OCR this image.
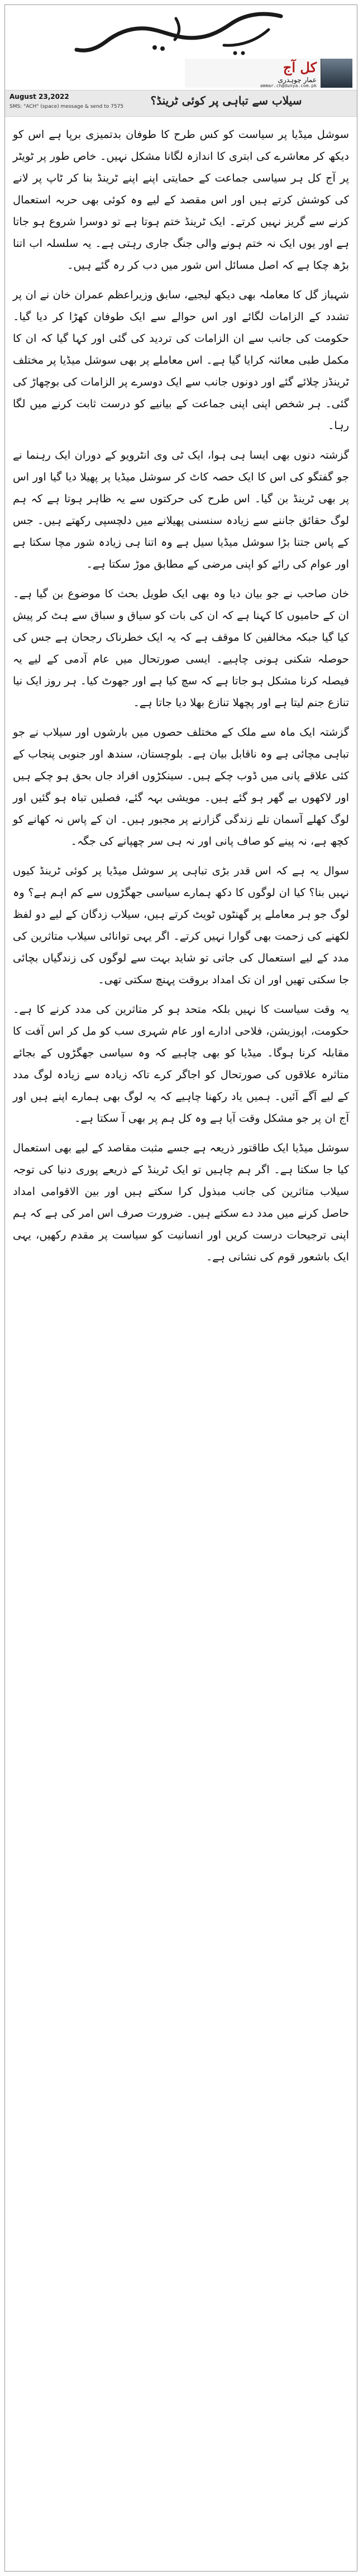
کل آج
عمار چوہدری
ammar.ch@dunya.com.pk
August 23,2022
SMS: "ACH" (space) message & send to 7575	سیلاب سے تباہی پر کوئی ٹرینڈ؟

سوشل میڈیا پر سیاست کو کس طرح کا طوفان بدتمیزی برپا ہے اس کو دیکھ کر معاشرے کی ابتری کا اندازہ لگانا مشکل نہیں۔ خاص طور پر ٹویٹر پر آج کل ہر سیاسی جماعت کے حمایتی اپنے اپنے ٹرینڈ بنا کر ٹاپ پر لانے کی کوشش کرتے ہیں اور اس مقصد کے لیے وہ کوئی بھی حربہ استعمال کرنے سے گریز نہیں کرتے۔ ایک ٹرینڈ ختم ہوتا ہے تو دوسرا شروع ہو جاتا ہے اور یوں ایک نہ ختم ہونے والی جنگ جاری رہتی ہے۔ یہ سلسلہ اب اتنا بڑھ چکا ہے کہ اصل مسائل اس شور میں دب کر رہ گئے ہیں۔

شہباز گل کا معاملہ بھی دیکھ لیجیے، سابق وزیراعظم عمران خان نے ان پر تشدد کے الزامات لگائے اور اس حوالے سے ایک طوفان کھڑا کر دیا گیا۔ حکومت کی جانب سے ان الزامات کی تردید کی گئی اور کہا گیا کہ ان کا مکمل طبی معائنہ کرایا گیا ہے۔ اس معاملے پر بھی سوشل میڈیا پر مختلف ٹرینڈز چلائے گئے اور دونوں جانب سے ایک دوسرے پر الزامات کی بوچھاڑ کی گئی۔ ہر شخص اپنی اپنی جماعت کے بیانیے کو درست ثابت کرنے میں لگا رہا۔

گزشتہ دنوں بھی ایسا ہی ہوا، ایک ٹی وی انٹرویو کے دوران ایک رہنما نے جو گفتگو کی اس کا ایک حصہ کاٹ کر سوشل میڈیا پر پھیلا دیا گیا اور اس پر بھی ٹرینڈ بن گیا۔ اس طرح کی حرکتوں سے یہ ظاہر ہوتا ہے کہ ہم لوگ حقائق جاننے سے زیادہ سنسنی پھیلانے میں دلچسپی رکھتے ہیں۔ جس کے پاس جتنا بڑا سوشل میڈیا سیل ہے وہ اتنا ہی زیادہ شور مچا سکتا ہے اور عوام کی رائے کو اپنی مرضی کے مطابق موڑ سکتا ہے۔

خان صاحب نے جو بیان دیا وہ بھی ایک طویل بحث کا موضوع بن گیا ہے۔ ان کے حامیوں کا کہنا ہے کہ ان کی بات کو سیاق و سباق سے ہٹ کر پیش کیا گیا جبکہ مخالفین کا موقف ہے کہ یہ ایک خطرناک رجحان ہے جس کی حوصلہ شکنی ہونی چاہیے۔ ایسی صورتحال میں عام آدمی کے لیے یہ فیصلہ کرنا مشکل ہو جاتا ہے کہ سچ کیا ہے اور جھوٹ کیا۔ ہر روز ایک نیا تنازع جنم لیتا ہے اور پچھلا تنازع بھلا دیا جاتا ہے۔

گزشتہ ایک ماہ سے ملک کے مختلف حصوں میں بارشوں اور سیلاب نے جو تباہی مچائی ہے وہ ناقابل بیان ہے۔ بلوچستان، سندھ اور جنوبی پنجاب کے کئی علاقے پانی میں ڈوب چکے ہیں۔ سینکڑوں افراد جاں بحق ہو چکے ہیں اور لاکھوں بے گھر ہو گئے ہیں۔ مویشی بہہ گئے، فصلیں تباہ ہو گئیں اور لوگ کھلے آسمان تلے زندگی گزارنے پر مجبور ہیں۔ ان کے پاس نہ کھانے کو کچھ ہے، نہ پینے کو صاف پانی اور نہ ہی سر چھپانے کی جگہ۔

سوال یہ ہے کہ اس قدر بڑی تباہی پر سوشل میڈیا پر کوئی ٹرینڈ کیوں نہیں بنا؟ کیا ان لوگوں کا دکھ ہمارے سیاسی جھگڑوں سے کم اہم ہے؟ وہ لوگ جو ہر معاملے پر گھنٹوں ٹویٹ کرتے ہیں، سیلاب زدگان کے لیے دو لفظ لکھنے کی زحمت بھی گوارا نہیں کرتے۔ اگر یہی توانائی سیلاب متاثرین کی مدد کے لیے استعمال کی جاتی تو شاید بہت سے لوگوں کی زندگیاں بچائی جا سکتی تھیں اور ان تک امداد بروقت پہنچ سکتی تھی۔

یہ وقت سیاست کا نہیں بلکہ متحد ہو کر متاثرین کی مدد کرنے کا ہے۔ حکومت، اپوزیشن، فلاحی ادارے اور عام شہری سب کو مل کر اس آفت کا مقابلہ کرنا ہوگا۔ میڈیا کو بھی چاہیے کہ وہ سیاسی جھگڑوں کے بجائے متاثرہ علاقوں کی صورتحال کو اجاگر کرے تاکہ زیادہ سے زیادہ لوگ مدد کے لیے آگے آئیں۔ ہمیں یاد رکھنا چاہیے کہ یہ لوگ بھی ہمارے اپنے ہیں اور آج ان پر جو مشکل وقت آیا ہے وہ کل ہم پر بھی آ سکتا ہے۔

سوشل میڈیا ایک طاقتور ذریعہ ہے جسے مثبت مقاصد کے لیے بھی استعمال کیا جا سکتا ہے۔ اگر ہم چاہیں تو ایک ٹرینڈ کے ذریعے پوری دنیا کی توجہ سیلاب متاثرین کی جانب مبذول کرا سکتے ہیں اور بین الاقوامی امداد حاصل کرنے میں مدد دے سکتے ہیں۔ ضرورت صرف اس امر کی ہے کہ ہم اپنی ترجیحات درست کریں اور انسانیت کو سیاست پر مقدم رکھیں، یہی ایک باشعور قوم کی نشانی ہے۔
